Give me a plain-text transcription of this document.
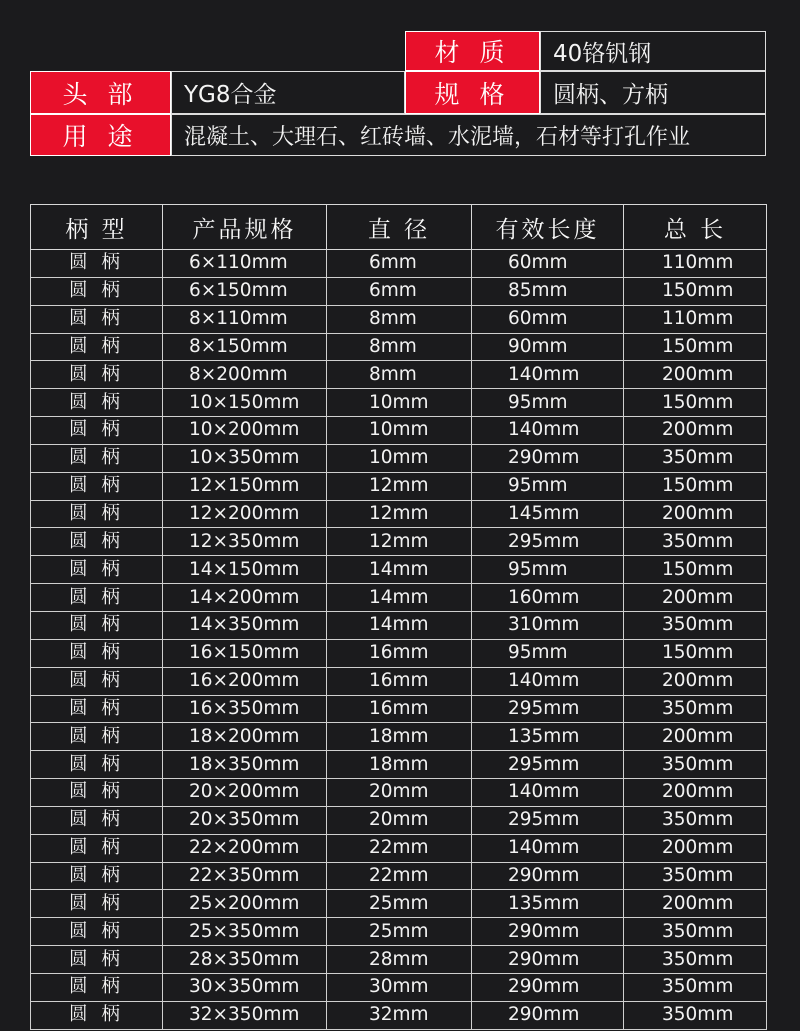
材 质	40铬钒钢
头 部	YG8合金	规 格	圆柄、方柄
用 途	混凝土、大理石、红砖墙、水泥墙，石材等打孔作业
柄 型	产品规格	直 径	有效长度	总 长
圆 柄	6×110mm	6mm	60mm	110mm
圆 柄	6×150mm	6mm	85mm	150mm
圆 柄	8×110mm	8mm	60mm	110mm
圆 柄	8×150mm	8mm	90mm	150mm
圆 柄	8×200mm	8mm	140mm	200mm
圆 柄	10×150mm	10mm	95mm	150mm
圆 柄	10×200mm	10mm	140mm	200mm
圆 柄	10×350mm	10mm	290mm	350mm
圆 柄	12×150mm	12mm	95mm	150mm
圆 柄	12×200mm	12mm	145mm	200mm
圆 柄	12×350mm	12mm	295mm	350mm
圆 柄	14×150mm	14mm	95mm	150mm
圆 柄	14×200mm	14mm	160mm	200mm
圆 柄	14×350mm	14mm	310mm	350mm
圆 柄	16×150mm	16mm	95mm	150mm
圆 柄	16×200mm	16mm	140mm	200mm
圆 柄	16×350mm	16mm	295mm	350mm
圆 柄	18×200mm	18mm	135mm	200mm
圆 柄	18×350mm	18mm	295mm	350mm
圆 柄	20×200mm	20mm	140mm	200mm
圆 柄	20×350mm	20mm	295mm	350mm
圆 柄	22×200mm	22mm	140mm	200mm
圆 柄	22×350mm	22mm	290mm	350mm
圆 柄	25×200mm	25mm	135mm	200mm
圆 柄	25×350mm	25mm	290mm	350mm
圆 柄	28×350mm	28mm	290mm	350mm
圆 柄	30×350mm	30mm	290mm	350mm
圆 柄	32×350mm	32mm	290mm	350mm
